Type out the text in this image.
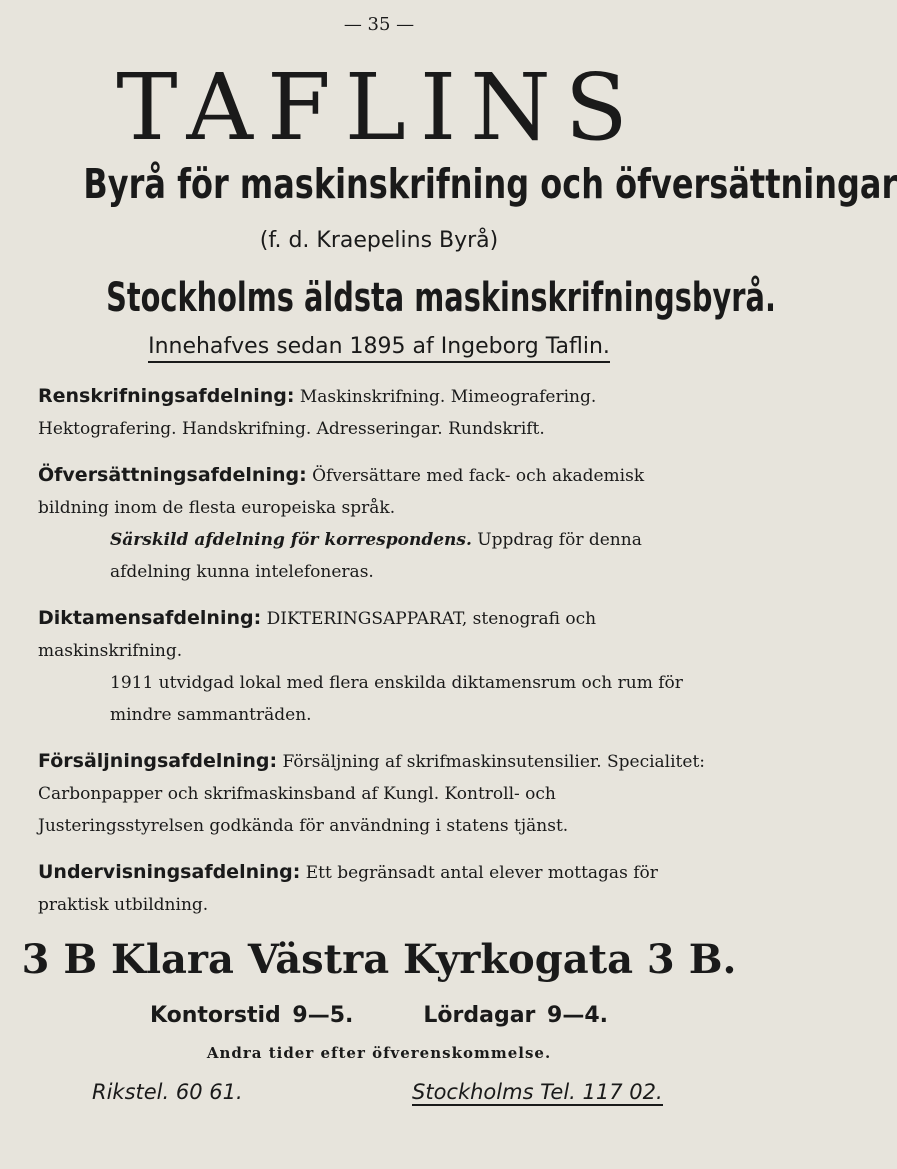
— 35 —
TAFLINS
Byrå för maskinskrifning och öfversättningar
(f. d. Kraepelins Byrå)
Stockholms äldsta maskinskrifningsbyrå.
Innehafves sedan 1895 af Ingeborg Taflin.
Renskrifningsafdelning: Maskinskrifning. Mimeografering. Hektografering. Handskrifning. Adresseringar. Rundskrift.
Öfversättningsafdelning: Öfversättare med fack- och akademisk bildning inom de flesta europeiska språk.
Särskild afdelning för korrespondens. Uppdrag för denna afdelning kunna intelefoneras.
Diktamensafdelning: DIKTERINGSAPPARAT, stenografi och maskinskrifning.
1911 utvidgad lokal med flera enskilda diktamensrum och rum för mindre sammanträden.
Försäljningsafdelning: Försäljning af skrifmaskinsutensilier. Specialitet: Carbonpapper och skrifmaskinsband af Kungl. Kontroll- och Justeringsstyrelsen godkända för användning i statens tjänst.
Undervisningsafdelning: Ett begränsadt antal elever mottagas för praktisk utbildning.
3 B Klara Västra Kyrkogata 3 B.
Kontorstid 9—5.	Lördagar 9—4.
Andra tider efter öfverenskommelse.
Rikstel. 60 61.	Stockholms Tel. 117 02.
